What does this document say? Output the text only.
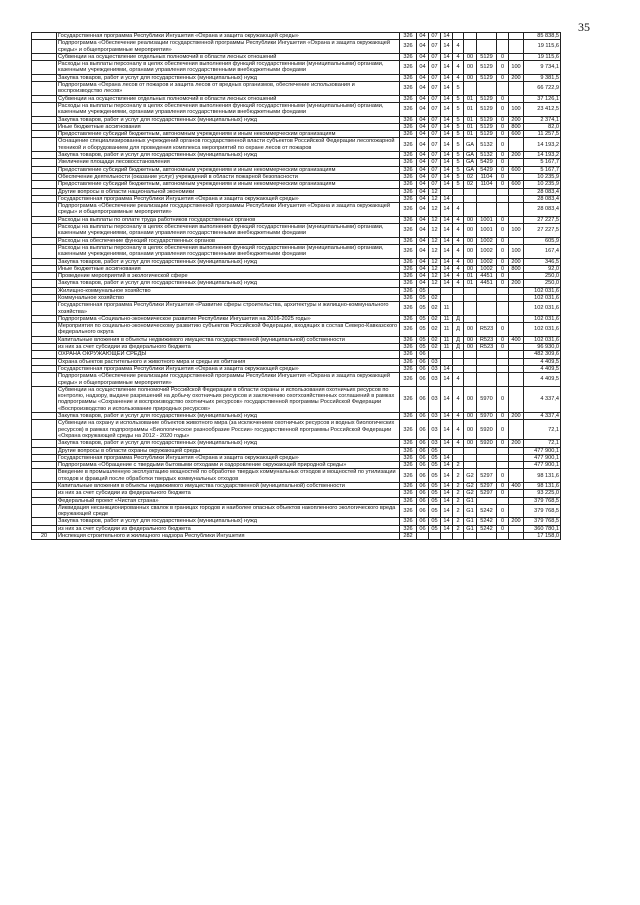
35
	Государственная программа Республики Ингушетия «Охрана и защита окружающей среды»	326	04	07	14						85 838,5
	Подпрограмма «Обеспечение реализации государственной программы Республики Ингушетия «Охрана и защита окружающей среды» и общепрограммные мероприятия»	326	04	07	14	4					19 115,6
	Субвенции на осуществление отдельных полномочий в области лесных отношений	326	04	07	14	4	00	5129	0		19 115,6
	Расходы на выплаты персоналу в целях обеспечения выполнения функций государственными (муниципальными) органами, казенными учреждениями, органами управления государственными внебюджетными фондами	326	04	07	14	4	00	5129	0	100	9 734,1
	Закупка товаров, работ и услуг для государственных (муниципальных) нужд	326	04	07	14	4	00	5129	0	200	9 381,5
	Подпрограмма «Охрана лесов от пожаров и защита лесов от вредных организмов, обеспечение использования и воспроизводство лесов»	326	04	07	14	5					66 722,9
	Субвенции на осуществление отдельных полномочий в области лесных отношений	326	04	07	14	5	01	5129	0		37 126,1
	Расходы на выплаты персоналу в целях обеспечения выполнения функций государственными (муниципальными) органами, казенными учреждениями, органами управления государственными внебюджетными фондами	326	04	07	14	5	01	5129	0	100	23 412,5
	Закупка товаров, работ и услуг для государственных (муниципальных) нужд	326	04	07	14	5	01	5129	0	200	2 374,1
	Иные бюджетные ассигнования	326	04	07	14	5	01	5129	0	800	82,0
	Предоставление субсидий бюджетным, автономным учреждениям и иным некоммерческим организациям	326	04	07	14	5	01	5129	0	600	11 257,5
	Оснащение специализированных учреждений органов государственной власти субъектов Российской Федерации лесопожарной техникой и оборудованием для проведения комплекса мероприятий по охране лесов от пожаров	326	04	07	14	5	GA	5132	0		14 193,2
	Закупка товаров, работ и услуг для государственных (муниципальных) нужд	326	04	07	14	5	GA	5132	0	200	14 193,2
	Увеличение площади лесовосстановления	326	04	07	14	5	GA	5429	0		5 167,7
	Предоставление субсидий бюджетным, автономным учреждениям и иным некоммерческим организациям	326	04	07	14	5	GA	5429	0	600	5 167,7
	Обеспечение деятельности (оказание услуг) учреждений в области пожарной безопасности	326	04	07	14	5	02	1104	0		10 235,9
	Предоставление субсидий бюджетным, автономным учреждениям и иным некоммерческим организациям	326	04	07	14	5	02	1104	0	600	10 235,9
	Другие вопросы в области национальной экономики	326	04	12							28 083,4
	Государственная программа Республики Ингушетия «Охрана и защита окружающей среды»	326	04	12	14						28 083,4
	Подпрограмма «Обеспечение реализации государственной программы Республики Ингушетия «Охрана и защита окружающей среды» и общепрограммные мероприятия»	326	04	12	14	4					28 083,4
	Расходы на выплаты по оплате труда работников государственных органов	326	04	12	14	4	00	1001	0		27 227,5
	Расходы на выплаты персоналу в целях обеспечения выполнения функций государственными (муниципальными) органами, казенными учреждениями, органами управления государственными внебюджетными фондами	326	04	12	14	4	00	1001	0	100	27 227,5
	Расходы на обеспечение функций государственных органов	326	04	12	14	4	00	1002	0		605,9
	Расходы на выплаты персоналу в целях обеспечения выполнения функций государственными (муниципальными) органами, казенными учреждениями, органами управления государственными внебюджетными фондами	326	04	12	14	4	00	1002	0	100	167,4
	Закупка товаров, работ и услуг для государственных (муниципальных) нужд	326	04	12	14	4	00	1002	0	200	346,5
	Иные бюджетные ассигнования	326	04	12	14	4	00	1002	0	800	92,0
	Проведение мероприятий в экологической сфере	326	04	12	14	4	01	4451	0		250,0
	Закупка товаров, работ и услуг для государственных (муниципальных) нужд	326	04	12	14	4	01	4451	0	200	250,0
	Жилищно-коммунальное хозяйство	326	05								102 031,6
	Коммунальное хозяйство	326	05	02							102 031,6
	Государственная программа Республики Ингушетия «Развитие сферы строительства, архитектуры и жилищно-коммунального хозяйства»	326	05	02	11						102 031,6
	Подпрограмма «Социально-экономическое развитие Республики Ингушетия на 2016-2025 годы»	326	05	02	11	Д					102 031,6
	Мероприятия по социально-экономическому развитию субъектов Российской Федерации, входящих в состав Северо-Кавказского федерального округа	326	05	02	11	Д	00	R523	0		102 031,6
	Капитальные вложения в объекты недвижимого имущества государственной (муниципальной) собственности	326	05	02	11	Д	00	R523	0	400	102 031,6
	из них за счет субсидии из федерального бюджета	326	05	02	11	Д	00	R523	0		96 930,0
	ОХРАНА ОКРУЖАЮЩЕЙ СРЕДЫ	326	06								482 309,6
	Охрана объектов растительного и животного мира и среды их обитания	326	06	03							4 409,5
	Государственная программа Республики Ингушетия «Охрана и защита окружающей среды»	326	06	03	14						4 409,5
	Подпрограмма «Обеспечение реализации государственной программы Республики Ингушетия «Охрана и защита окружающей среды» и общепрограммные мероприятия»	326	06	03	14	4					4 409,5
	Субвенции на осуществление полномочий Российской Федерации в области охраны и использования охотничьих ресурсов по контролю, надзору, выдаче разрешений на добычу охотничьих ресурсов и заключению охотхозяйственных соглашений в рамках подпрограммы «Сохранение и воспроизводство охотничьих ресурсов» государственной программы Российской Федерации «Воспроизводство и использование природных ресурсов»	326	06	03	14	4	00	5970	0		4 337,4
	Закупка товаров, работ и услуг для государственных (муниципальных) нужд	326	06	03	14	4	00	5970	0	200	4 337,4
	Субвенции на охрану и использование объектов животного мира (за исключением охотничьих ресурсов и водных биологических ресурсов) в рамках подпрограммы «Биологическое разнообразие России» государственной программы Российской Федерации «Охрана окружающей среды на 2012 - 2020 годы»	326	06	03	14	4	00	5920	0		72,1
	Закупка товаров, работ и услуг для государственных (муниципальных) нужд	326	06	03	14	4	00	5920	0	200	72,1
	Другие вопросы в области охраны окружающей среды	326	06	05							477 900,1
	Государственная программа Республики Ингушетия «Охрана и защита окружающей среды»	326	06	05	14						477 900,1
	Подпрограмма «Обращение с твердыми бытовыми отходами и оздоровление окружающей природной среды»	326	06	05	14	2					477 900,1
	Введение в промышленную эксплуатацию мощностей по обработке твердых коммунальных отходов и мощностей по утилизации отходов и фракций после обработки твердых коммунальных отходов	326	06	05	14	2	G2	5297	0		98 131,6
	Капитальные вложения в объекты недвижимого имущества государственной (муниципальной) собственности	326	06	05	14	2	G2	5297	0	400	98 131,6
	из них за счет субсидии из федерального бюджета	326	06	05	14	2	G2	5297	0		93 225,0
	Федеральный проект «Чистая страна»	326	06	05	14	2	G1				379 768,5
	Ликвидация несанкционированных свалок в границах городов и наиболее опасных объектов накопленного экологического вреда окружающей среде	326	06	05	14	2	G1	5242	0		379 768,5
	Закупка товаров, работ и услуг для государственных (муниципальных) нужд	326	06	05	14	2	G1	5242	0	200	379 768,5
	из них за счет субсидии из федерального бюджета	326	06	05	14	2	G1	5242	0		360 780,1
20	Инспекция строительного и жилищного надзора Республики Ингушетия	282									17 158,0
